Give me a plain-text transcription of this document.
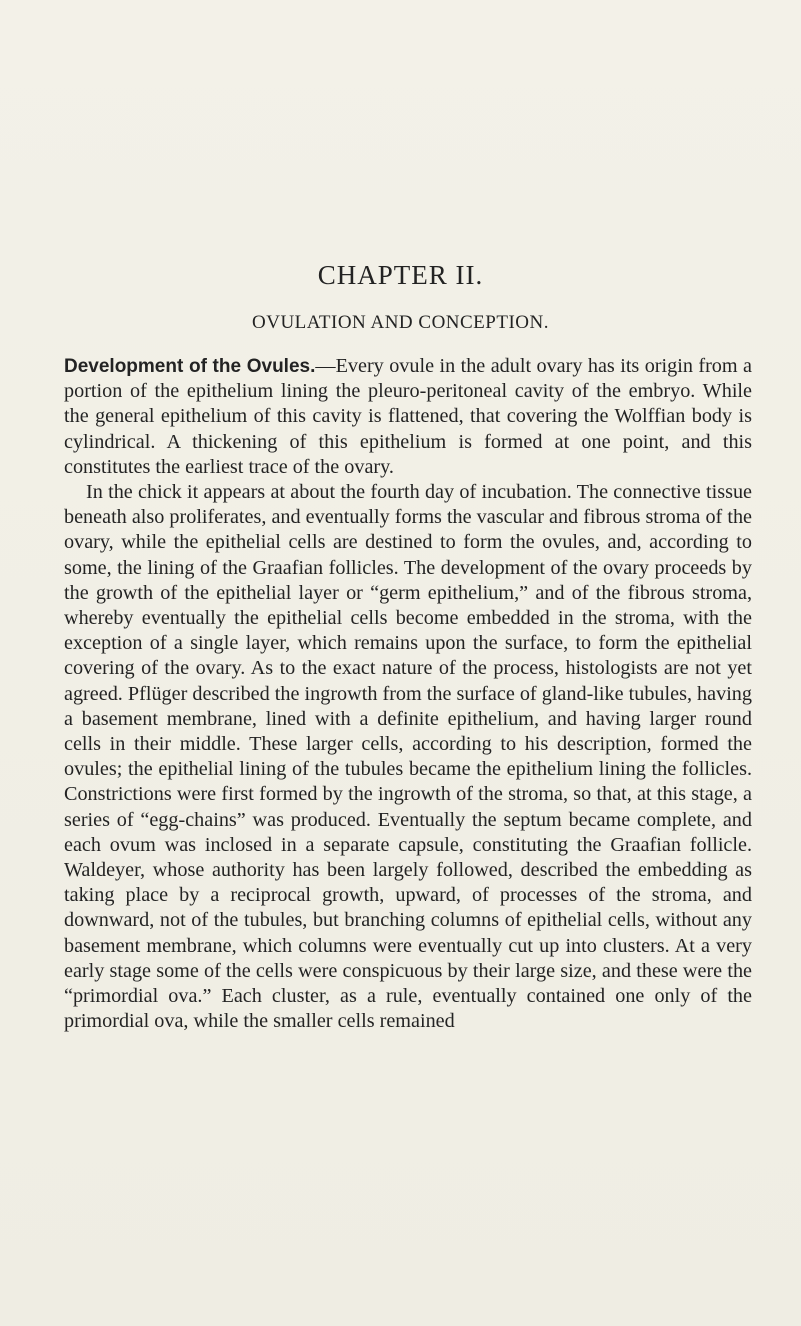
CHAPTER II.
OVULATION AND CONCEPTION.

Development of the Ovules.—Every ovule in the adult ovary has its origin from a portion of the epithelium lining the pleuro-peritoneal cavity of the embryo. While the general epithelium of this cavity is flattened, that covering the Wolffian body is cylindrical. A thickening of this epithelium is formed at one point, and this constitutes the earliest trace of the ovary.

In the chick it appears at about the fourth day of incubation. The connective tissue beneath also proliferates, and eventually forms the vascular and fibrous stroma of the ovary, while the epithelial cells are destined to form the ovules, and, according to some, the lining of the Graafian follicles. The development of the ovary proceeds by the growth of the epithelial layer or “germ epithelium,” and of the fibrous stroma, whereby eventually the epithelial cells become embedded in the stroma, with the exception of a single layer, which remains upon the surface, to form the epithelial covering of the ovary. As to the exact nature of the process, histologists are not yet agreed. Pflüger described the ingrowth from the surface of gland-like tubules, having a basement membrane, lined with a definite epithelium, and having larger round cells in their middle. These larger cells, according to his description, formed the ovules; the epithelial lining of the tubules became the epithelium lining the follicles. Constrictions were first formed by the ingrowth of the stroma, so that, at this stage, a series of “egg-chains” was produced. Eventually the septum became complete, and each ovum was inclosed in a separate capsule, constituting the Graafian follicle. Waldeyer, whose authority has been largely followed, described the embedding as taking place by a reciprocal growth, upward, of processes of the stroma, and downward, not of the tubules, but branching columns of epithelial cells, without any basement membrane, which columns were eventually cut up into clusters. At a very early stage some of the cells were conspicuous by their large size, and these were the “primordial ova.” Each cluster, as a rule, eventually contained one only of the primordial ova, while the smaller cells remained
